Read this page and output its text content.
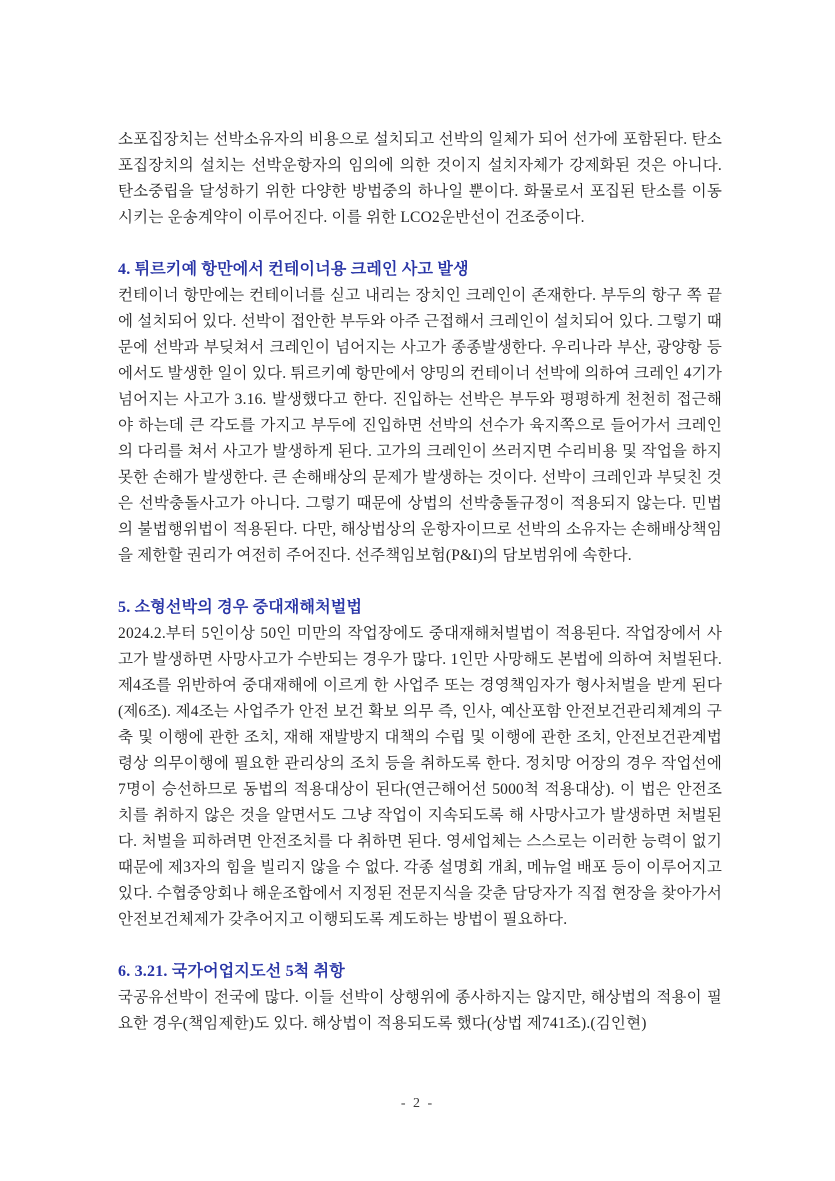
소포집장치는 선박소유자의 비용으로 설치되고 선박의 일체가 되어 선가에 포함된다. 탄소포집장치의 설치는 선박운항자의 임의에 의한 것이지 설치자체가 강제화된 것은 아니다. 탄소중립을 달성하기 위한 다양한 방법중의 하나일 뿐이다. 화물로서 포집된 탄소를 이동시키는 운송계약이 이루어진다. 이를 위한 LCO2운반선이 건조중이다.

4. 튀르키예 항만에서 컨테이너용 크레인 사고 발생

컨테이너 항만에는 컨테이너를 싣고 내리는 장치인 크레인이 존재한다. 부두의 항구 쪽 끝에 설치되어 있다. 선박이 접안한 부두와 아주 근접해서 크레인이 설치되어 있다. 그렇기 때문에 선박과 부딪쳐서 크레인이 넘어지는 사고가 종종발생한다. 우리나라 부산, 광양항 등에서도 발생한 일이 있다. 튀르키예 항만에서 양밍의 컨테이너 선박에 의하여 크레인 4기가 넘어지는 사고가 3.16. 발생했다고 한다. 진입하는 선박은 부두와 평평하게 천천히 접근해야 하는데 큰 각도를 가지고 부두에 진입하면 선박의 선수가 육지쪽으로 들어가서 크레인의 다리를 쳐서 사고가 발생하게 된다. 고가의 크레인이 쓰러지면 수리비용 및 작업을 하지 못한 손해가 발생한다. 큰 손해배상의 문제가 발생하는 것이다. 선박이 크레인과 부딪친 것은 선박충돌사고가 아니다. 그렇기 때문에 상법의 선박충돌규정이 적용되지 않는다. 민법의 불법행위법이 적용된다. 다만, 해상법상의 운항자이므로 선박의 소유자는 손해배상책임을 제한할 권리가 여전히 주어진다. 선주책임보험(P&I)의 담보범위에 속한다.

5. 소형선박의 경우 중대재해처벌법

2024.2.부터 5인이상 50인 미만의 작업장에도 중대재해처벌법이 적용된다. 작업장에서 사고가 발생하면 사망사고가 수반되는 경우가 많다. 1인만 사망해도 본법에 의하여 처벌된다. 제4조를 위반하여 중대재해에 이르게 한 사업주 또는 경영책임자가 형사처벌을 받게 된다(제6조). 제4조는 사업주가 안전 보건 확보 의무 즉, 인사, 예산포함 안전보건관리체계의 구축 및 이행에 관한 조치, 재해 재발방지 대책의 수립 및 이행에 관한 조치, 안전보건관계법령상 의무이행에 필요한 관리상의 조치 등을 취하도록 한다. 정치망 어장의 경우 작업선에 7명이 승선하므로 동법의 적용대상이 된다(연근해어선 5000척 적용대상). 이 법은 안전조치를 취하지 않은 것을 알면서도 그냥 작업이 지속되도록 해 사망사고가 발생하면 처벌된다. 처벌을 피하려면 안전조치를 다 취하면 된다. 영세업체는 스스로는 이러한 능력이 없기 때문에 제3자의 힘을 빌리지 않을 수 없다. 각종 설명회 개최, 메뉴얼 배포 등이 이루어지고 있다. 수협중앙회나 해운조합에서 지정된 전문지식을 갖춘 담당자가 직접 현장을 찾아가서 안전보건체제가 갖추어지고 이행되도록 계도하는 방법이 필요하다.

6. 3.21. 국가어업지도선 5척 취항

국공유선박이 전국에 많다. 이들 선박이 상행위에 종사하지는 않지만, 해상법의 적용이 필요한 경우(책임제한)도 있다. 해상법이 적용되도록 했다(상법 제741조).(김인현)

- 2 -
